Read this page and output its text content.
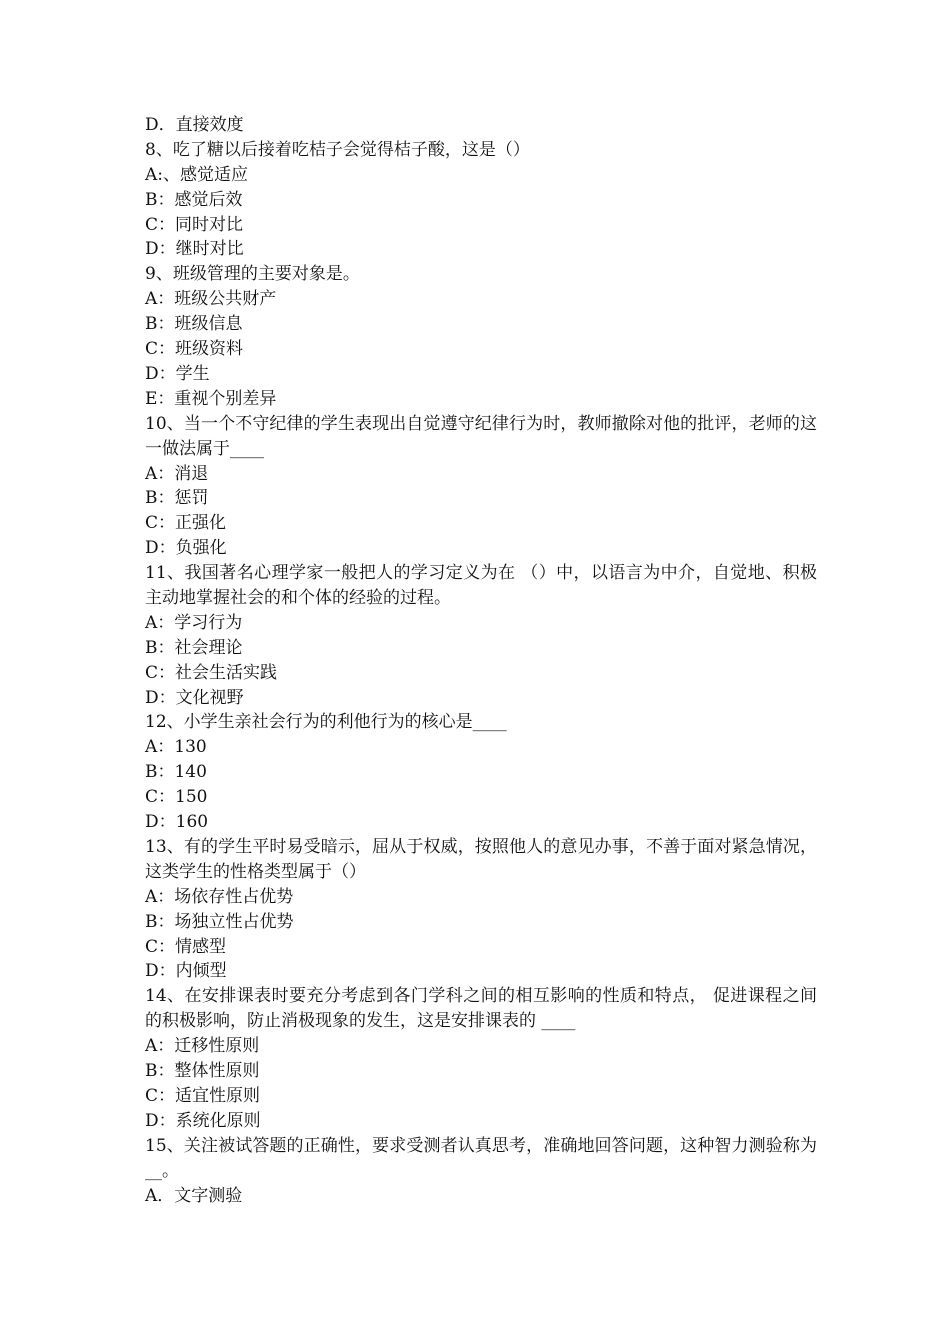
D．直接效度
8、吃了糖以后接着吃桔子会觉得桔子酸，这是（）
A:、感觉适应
B：感觉后效
C：同时对比
D：继时对比
9、班级管理的主要对象是。
A：班级公共财产
B：班级信息
C：班级资料
D：学生
E：重视个别差异
10、当一个不守纪律的学生表现出自觉遵守纪律行为时，教师撤除对他的批评，老师的这一做法属于____
A：消退
B：惩罚
C：正强化
D：负强化
11、我国著名心理学家一般把人的学习定义为在 （）中，以语言为中介，自觉地、积极主动地掌握社会的和个体的经验的过程。
A：学习行为
B：社会理论
C：社会生活实践
D：文化视野
12、小学生亲社会行为的利他行为的核心是____
A：130
B：140
C：150
D：160
13、有的学生平时易受暗示，屈从于权威，按照他人的意见办事，不善于面对紧急情况，这类学生的性格类型属于（）
A：场依存性占优势
B：场独立性占优势
C：情感型
D：内倾型
14、在安排课表时要充分考虑到各门学科之间的相互影响的性质和特点， 促进课程之间的积极影响，防止消极现象的发生，这是安排课表的 ____
A：迁移性原则
B：整体性原则
C：适宜性原则
D：系统化原则
15、关注被试答题的正确性，要求受测者认真思考，准确地回答问题，这种智力测验称为__。
A．文字测验
